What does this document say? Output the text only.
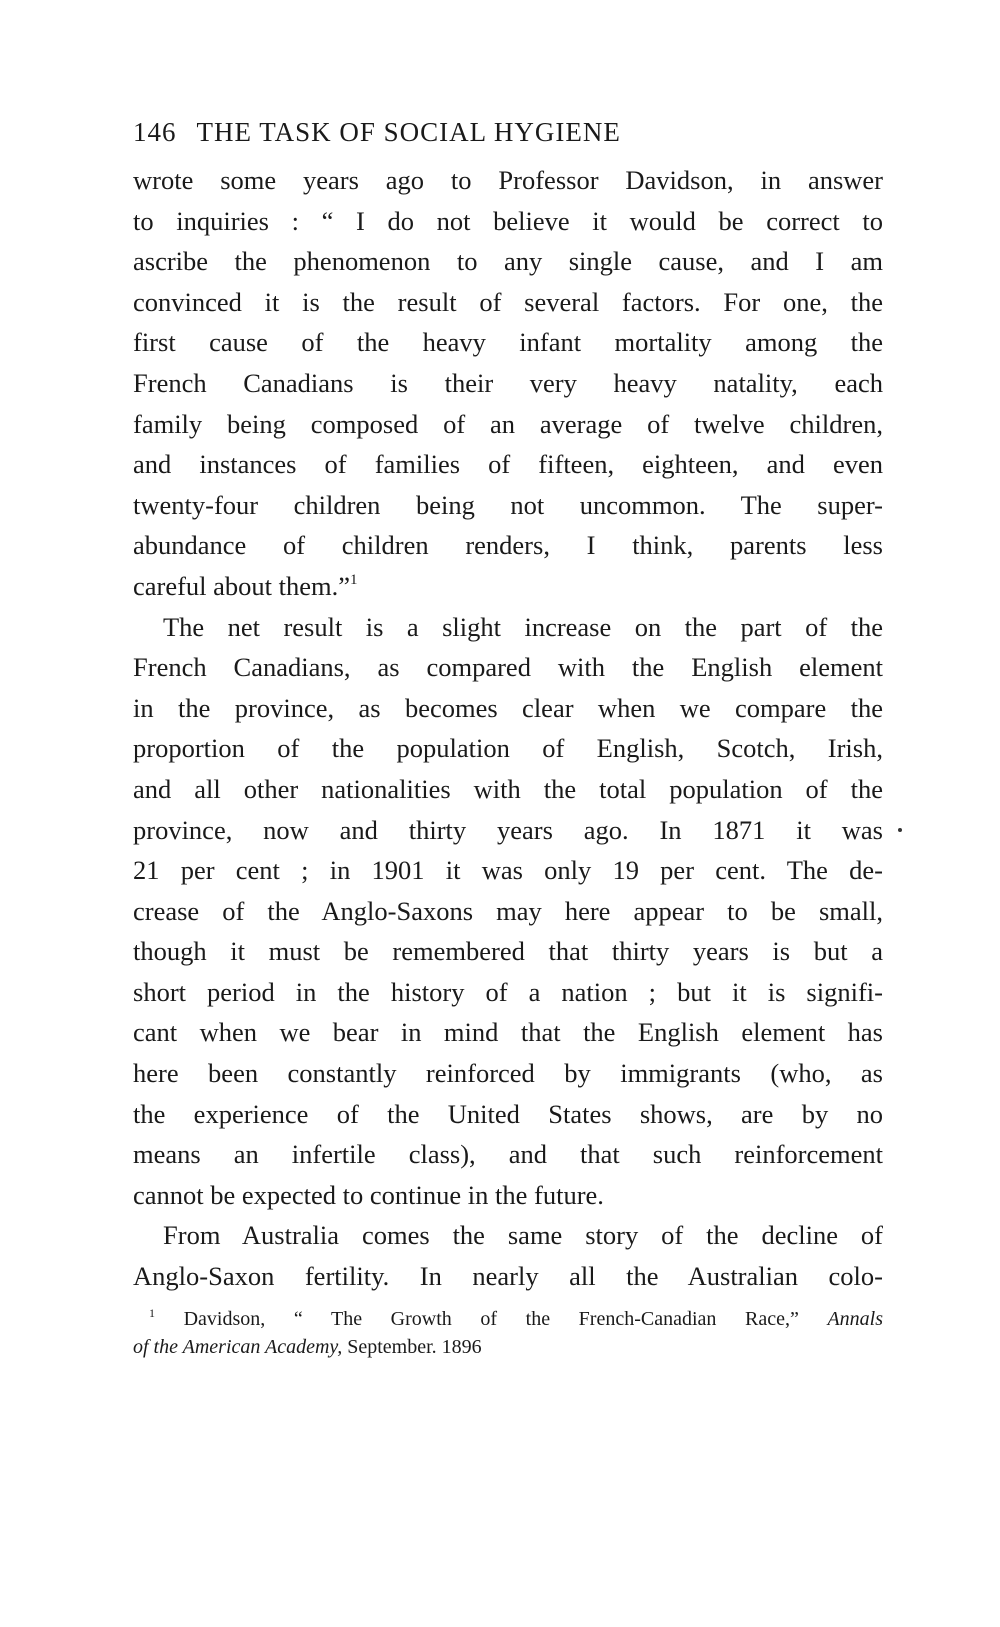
146 THE TASK OF SOCIAL HYGIENE
wrote some years ago to Professor Davidson, in answer
to inquiries : “ I do not believe it would be correct to
ascribe the phenomenon to any single cause, and I am
convinced it is the result of several factors. For one, the
first cause of the heavy infant mortality among the
French Canadians is their very heavy natality, each
family being composed of an average of twelve children,
and instances of families of fifteen, eighteen, and even
twenty-four children being not uncommon. The super-
abundance of children renders, I think, parents less
careful about them.”$^1$
The net result is a slight increase on the part of the
French Canadians, as compared with the English element
in the province, as becomes clear when we compare the
proportion of the population of English, Scotch, Irish,
and all other nationalities with the total population of the
province, now and thirty years ago. In 1871 it was
21 per cent ; in 1901 it was only 19 per cent. The de-
crease of the Anglo-Saxons may here appear to be small,
though it must be remembered that thirty years is but a
short period in the history of a nation ; but it is signifi-
cant when we bear in mind that the English element has
here been constantly reinforced by immigrants (who, as
the experience of the United States shows, are by no
means an infertile class), and that such reinforcement
cannot be expected to continue in the future.
From Australia comes the same story of the decline of
Anglo-Saxon fertility. In nearly all the Australian colo-
$^1$ Davidson, “ The Growth of the French-Canadian Race,” Annals
of the American Academy, September. 1896
